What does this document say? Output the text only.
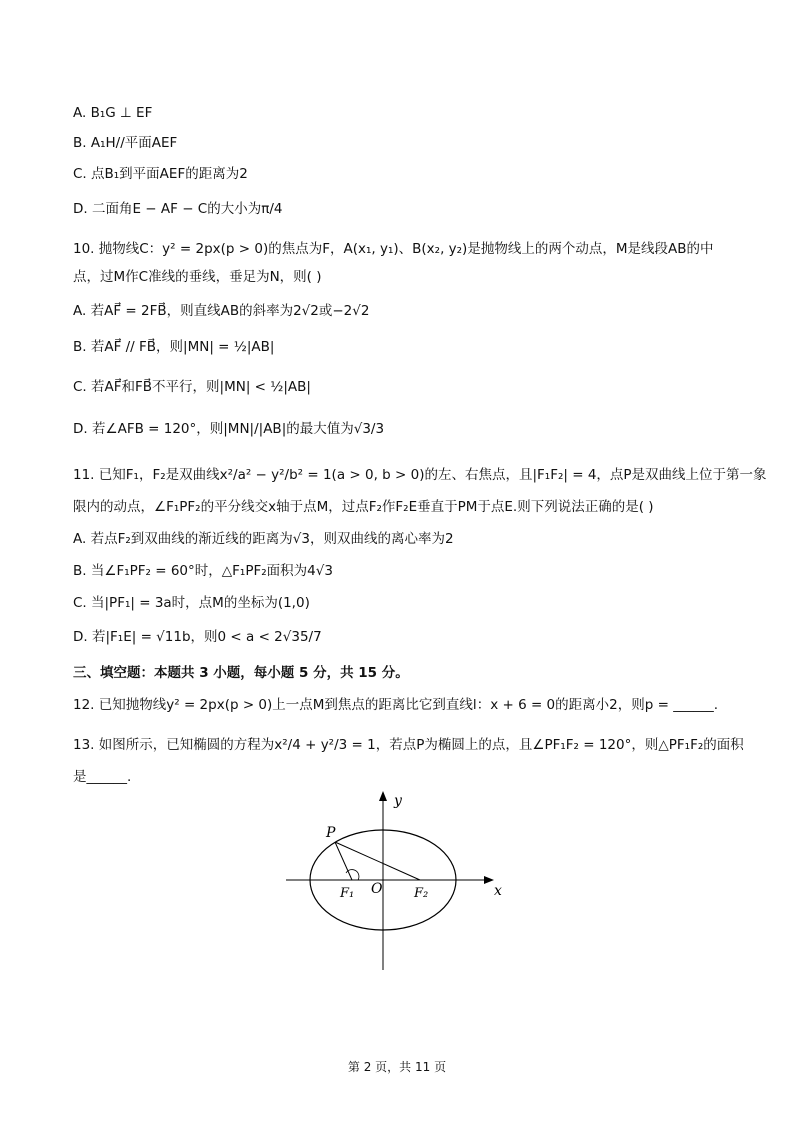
A. B₁G ⊥ EF
B. A₁H//平面AEF
C. 点B₁到平面AEF的距离为2
D. 二面角E − AF − C的大小为π/4
10. 抛物线C：y² = 2px(p > 0)的焦点为F，A(x₁, y₁)、B(x₂, y₂)是抛物线上的两个动点，M是线段AB的中
点，过M作C准线的垂线，垂足为N，则( )
A. 若AF⃗ = 2FB⃗，则直线AB的斜率为2√2或−2√2
B. 若AF⃗ // FB⃗，则|MN| = ½|AB|
C. 若AF⃗和FB⃗不平行，则|MN| < ½|AB|
D. 若∠AFB = 120°，则|MN|/|AB|的最大值为√3/3
11. 已知F₁，F₂是双曲线x²/a² − y²/b² = 1(a > 0, b > 0)的左、右焦点，且|F₁F₂| = 4，点P是双曲线上位于第一象
限内的动点，∠F₁PF₂的平分线交x轴于点M，过点F₂作F₂E垂直于PM于点E.则下列说法正确的是( )
A. 若点F₂到双曲线的渐近线的距离为√3，则双曲线的离心率为2
B. 当∠F₁PF₂ = 60°时，△F₁PF₂面积为4√3
C. 当|PF₁| = 3a时，点M的坐标为(1,0)
D. 若|F₁E| = √11b，则0 < a < 2√35/7
三、填空题：本题共 3 小题，每小题 5 分，共 15 分。
12. 已知抛物线y² = 2px(p > 0)上一点M到焦点的距离比它到直线l：x + 6 = 0的距离小2，则p = ______.
13. 如图所示，已知椭圆的方程为x²/4 + y²/3 = 1，若点P为椭圆上的点，且∠PF₁F₂ = 120°，则△PF₁F₂的面积
是______.
y
x
O
P
F₁	F₂
第 2 页，共 11 页
